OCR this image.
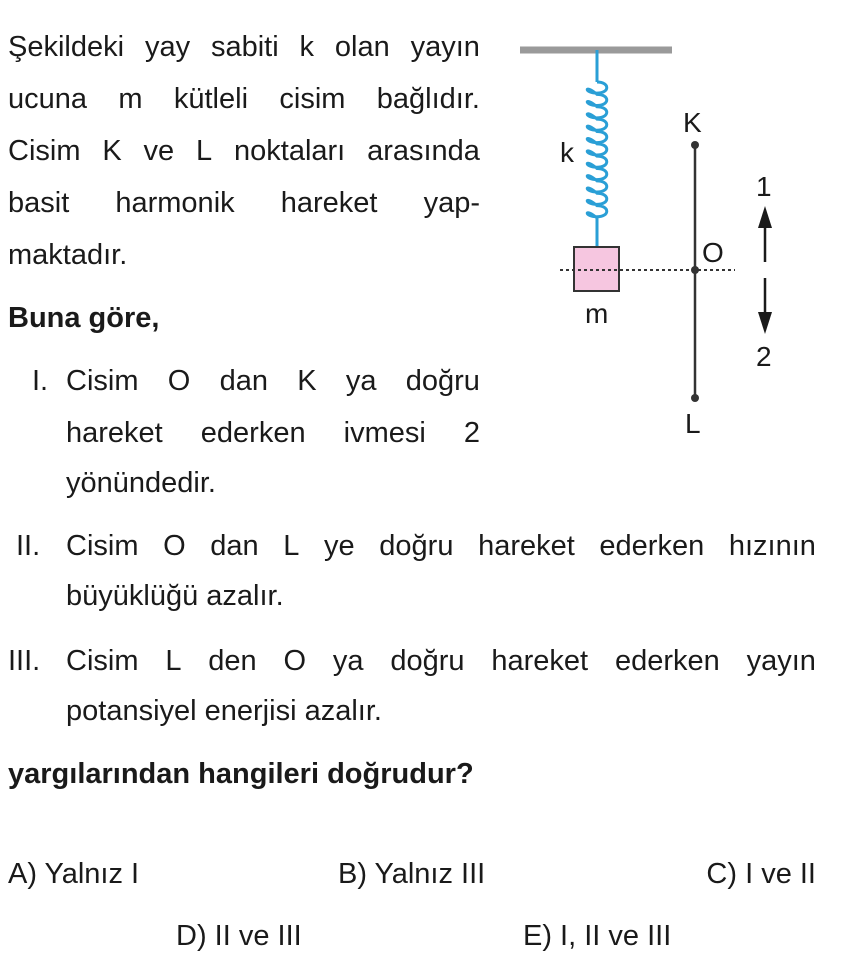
Şekildeki yay sabiti k olan yayın
ucuna m kütleli cisim bağlıdır.
Cisim K ve L noktaları arasında
basit harmonik hareket yap-
maktadır.
Buna göre,
I. Cisim O dan K ya doğru
hareket ederken ivmesi 2
yönündedir.
II. Cisim O dan L ye doğru hareket ederken hızının
büyüklüğü azalır.
III. Cisim L den O ya doğru hareket ederken yayın
potansiyel enerjisi azalır.
yargılarından hangileri doğrudur?
A) Yalnız I	B) Yalnız III	C) I ve II
D) II ve III	E) I, II ve III
k
m
K
O
L
1
2
